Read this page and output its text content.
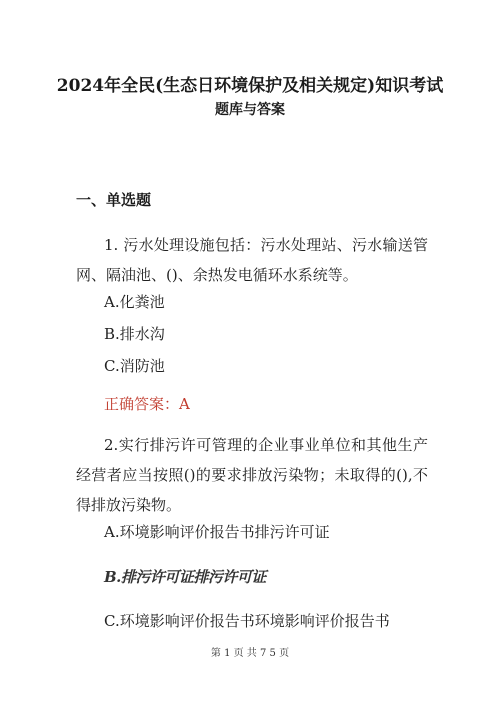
2024年全民(生态日环境保护及相关规定)知识考试
题库与答案
一、单选题

1. 污水处理设施包括：污水处理站、污水输送管网、隔油池、()、余热发电循环水系统等。

A.化粪池

B.排水沟

C.消防池

正确答案：A

2.实行排污许可管理的企业事业单位和其他生产经营者应当按照()的要求排放污染物；未取得的(),不得排放污染物。

A.环境影响评价报告书排污许可证

B.排污许可证排污许可证

C.环境影响评价报告书环境影响评价报告书

第 1 页 共 7 5 页
